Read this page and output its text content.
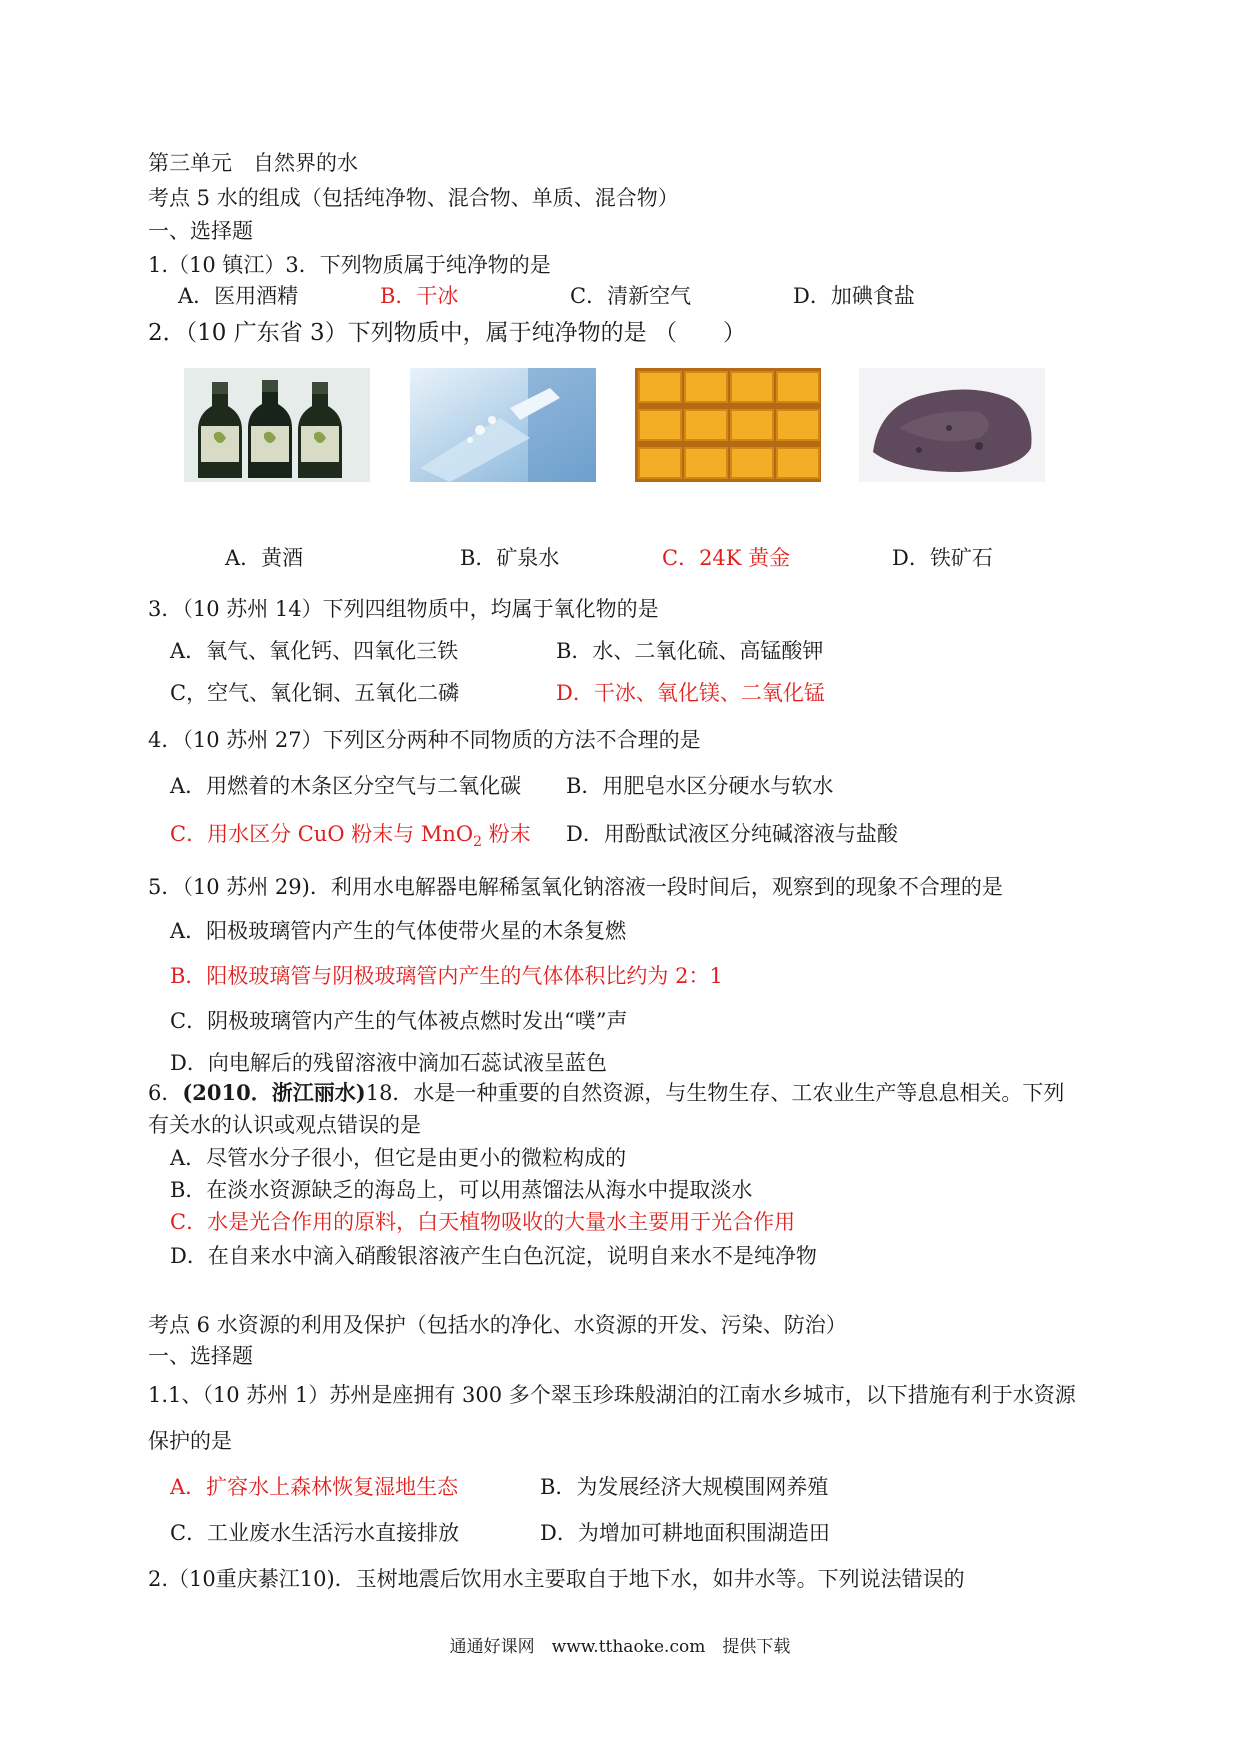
第三单元　自然界的水
考点 5 水的组成（包括纯净物、混合物、单质、混合物）
一、选择题
1.（10 镇江）3．下列物质属于纯净物的是
A．医用酒精	B．干冰	C．清新空气	D．加碘食盐
2．（10 广东省 3）下列物质中，属于纯净物的是 （　　）
A．黄酒	B．矿泉水	C．24K 黄金	D．铁矿石
3．（10 苏州 14）下列四组物质中，均属于氧化物的是
A．氧气、氧化钙、四氧化三铁	B．水、二氧化硫、高锰酸钾
C，空气、氧化铜、五氧化二磷	D．干冰、氧化镁、二氧化锰
4．（10 苏州 27）下列区分两种不同物质的方法不合理的是
A．用燃着的木条区分空气与二氧化碳 B．用肥皂水区分硬水与软水
C．用水区分 CuO 粉末与 MnO$_2$ 粉末 D．用酚酞试液区分纯碱溶液与盐酸
5．（10 苏州 29)．利用水电解器电解稀氢氧化钠溶液一段时间后，观察到的现象不合理的是
A．阳极玻璃管内产生的气体使带火星的木条复燃
B．阳极玻璃管与阴极玻璃管内产生的气体体积比约为 2：1
C．阴极玻璃管内产生的气体被点燃时发出“噗”声
D．向电解后的残留溶液中滴加石蕊试液呈蓝色
6．(2010．浙江丽水)18．水是一种重要的自然资源，与生物生存、工农业生产等息息相关。下列
有关水的认识或观点错误的是
A．尽管水分子很小，但它是由更小的微粒构成的
B．在淡水资源缺乏的海岛上，可以用蒸馏法从海水中提取淡水
C．水是光合作用的原料，白天植物吸收的大量水主要用于光合作用
D．在自来水中滴入硝酸银溶液产生白色沉淀，说明自来水不是纯净物
考点 6 水资源的利用及保护（包括水的净化、水资源的开发、污染、防治）
一、选择题
1.1、（10 苏州 1）苏州是座拥有 300 多个翠玉珍珠般湖泊的江南水乡城市，以下措施有利于水资源
保护的是
A．扩容水上森林恢复湿地生态	B．为发展经济大规模围网养殖
C．工业废水生活污水直接排放	D．为增加可耕地面积围湖造田
2.（10重庆綦江10)．玉树地震后饮用水主要取自于地下水，如井水等。下列说法错误的
通通好课网　www.tthaoke.com　提供下载
